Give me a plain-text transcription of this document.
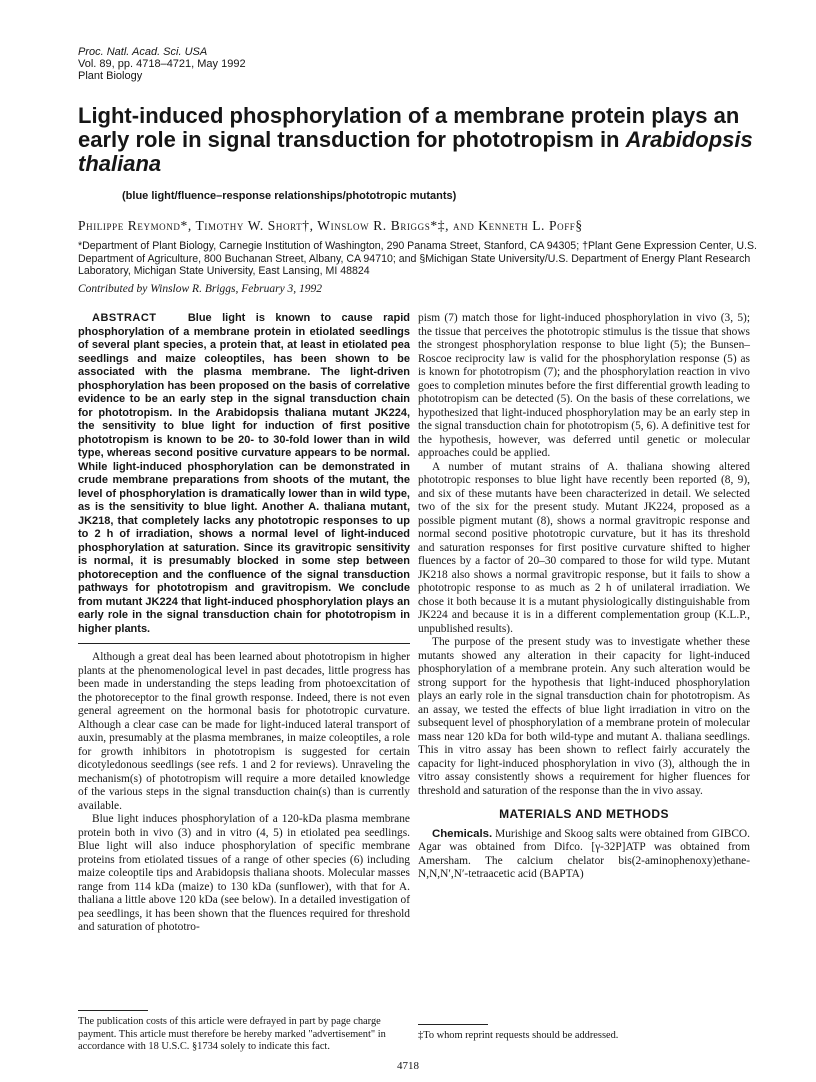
Proc. Natl. Acad. Sci. USA
Vol. 89, pp. 4718–4721, May 1992
Plant Biology
Light-induced phosphorylation of a membrane protein plays an early role in signal transduction for phototropism in Arabidopsis thaliana
(blue light/fluence–response relationships/phototropic mutants)
Philippe Reymond*, Timothy W. Short†, Winslow R. Briggs*‡, and Kenneth L. Poff§
*Department of Plant Biology, Carnegie Institution of Washington, 290 Panama Street, Stanford, CA 94305; †Plant Gene Expression Center, U.S. Department of Agriculture, 800 Buchanan Street, Albany, CA 94710; and §Michigan State University/U.S. Department of Energy Plant Research Laboratory, Michigan State University, East Lansing, MI 48824
Contributed by Winslow R. Briggs, February 3, 1992

ABSTRACT	Blue light is known to cause rapid phosphorylation of a membrane protein in etiolated seedlings of several plant species, a protein that, at least in etiolated pea seedlings and maize coleoptiles, has been shown to be associated with the plasma membrane. The light-driven phosphorylation has been proposed on the basis of correlative evidence to be an early step in the signal transduction chain for phototropism. In the Arabidopsis thaliana mutant JK224, the sensitivity to blue light for induction of first positive phototropism is known to be 20- to 30-fold lower than in wild type, whereas second positive curvature appears to be normal. While light-induced phosphorylation can be demonstrated in crude membrane preparations from shoots of the mutant, the level of phosphorylation is dramatically lower than in wild type, as is the sensitivity to blue light. Another A. thaliana mutant, JK218, that completely lacks any phototropic responses to up to 2 h of irradiation, shows a normal level of light-induced phosphorylation at saturation. Since its gravitropic sensitivity is normal, it is presumably blocked in some step between photoreception and the confluence of the signal transduction pathways for phototropism and gravitropism. We conclude from mutant JK224 that light-induced phosphorylation plays an early role in the signal transduction chain for phototropism in higher plants.

Although a great deal has been learned about phototropism in higher plants at the phenomenological level in past decades, little progress has been made in understanding the steps leading from photoexcitation of the photoreceptor to the final growth response. Indeed, there is not even general agreement on the hormonal basis for phototropic curvature. Although a clear case can be made for light-induced lateral transport of auxin, presumably at the plasma membranes, in maize coleoptiles, a role for growth inhibitors in phototropism is suggested for certain dicotyledonous seedlings (see refs. 1 and 2 for reviews). Unraveling the mechanism(s) of phototropism will require a more detailed knowledge of the various steps in the signal transduction chain(s) than is currently available.

Blue light induces phosphorylation of a 120-kDa plasma membrane protein both in vivo (3) and in vitro (4, 5) in etiolated pea seedlings. Blue light will also induce phosphorylation of specific membrane proteins from etiolated tissues of a range of other species (6) including maize coleoptile tips and Arabidopsis thaliana shoots. Molecular masses range from 114 kDa (maize) to 130 kDa (sunflower), with that for A. thaliana a little above 120 kDa (see below). In a detailed investigation of pea seedlings, it has been shown that the fluences required for threshold and saturation of phototro-

pism (7) match those for light-induced phosphorylation in vivo (3, 5); the tissue that perceives the phototropic stimulus is the tissue that shows the strongest phosphorylation response to blue light (5); the Bunsen–Roscoe reciprocity law is valid for the phosphorylation response (5) as is known for phototropism (7); and the phosphorylation reaction in vivo goes to completion minutes before the first differential growth leading to phototropism can be detected (5). On the basis of these correlations, we hypothesized that light-induced phosphorylation may be an early step in the signal transduction chain for phototropism (5, 6). A definitive test for the hypothesis, however, was deferred until genetic or molecular approaches could be applied.

A number of mutant strains of A. thaliana showing altered phototropic responses to blue light have recently been reported (8, 9), and six of these mutants have been characterized in detail. We selected two of the six for the present study. Mutant JK224, proposed as a possible pigment mutant (8), shows a normal gravitropic response and normal second positive phototropic curvature, but it has its threshold and saturation responses for first positive curvature shifted to higher fluences by a factor of 20–30 compared to those for wild type. Mutant JK218 also shows a normal gravitropic response, but it fails to show a phototropic response to as much as 2 h of unilateral irradiation. We chose it both because it is a mutant physiologically distinguishable from JK224 and because it is in a different complementation group (K.L.P., unpublished results).

The purpose of the present study was to investigate whether these mutants showed any alteration in their capacity for light-induced phosphorylation of a membrane protein. Any such alteration would be strong support for the hypothesis that light-induced phosphorylation plays an early role in the signal transduction chain for phototropism. As an assay, we tested the effects of blue light irradiation in vitro on the subsequent level of phosphorylation of a membrane protein of molecular mass near 120 kDa for both wild-type and mutant A. thaliana seedlings. This in vitro assay has been shown to reflect fairly accurately the capacity for light-induced phosphorylation in vivo (3), although the in vitro assay consistently shows a requirement for higher fluences for threshold and saturation of the response than the in vivo assay.

MATERIALS AND METHODS

Chemicals. Murishige and Skoog salts were obtained from GIBCO. Agar was obtained from Difco. [γ-32P]ATP was obtained from Amersham. The calcium chelator bis(2-aminophenoxy)ethane-N,N,N′,N′-tetraacetic acid (BAPTA)

The publication costs of this article were defrayed in part by page charge payment. This article must therefore be hereby marked "advertisement" in accordance with 18 U.S.C. §1734 solely to indicate this fact.
‡To whom reprint requests should be addressed.
4718
